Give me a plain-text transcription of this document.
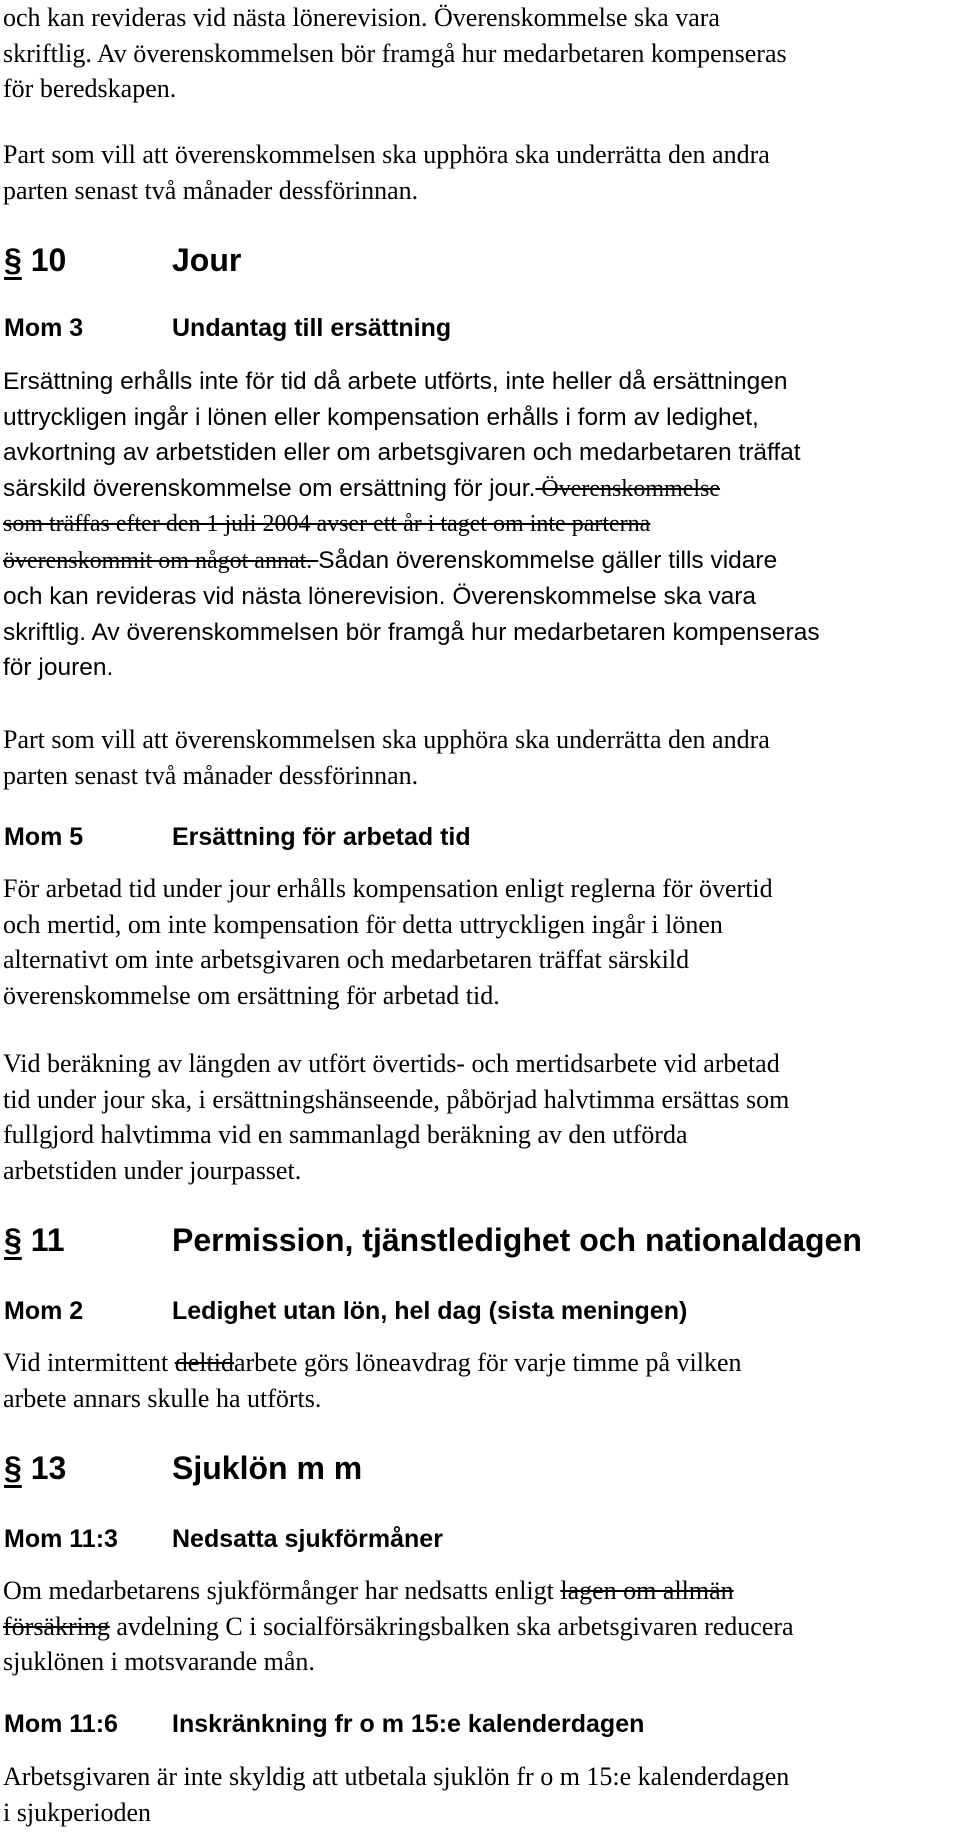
och kan revideras vid nästa lönerevision. Överenskommelse ska vara
skriftlig. Av överenskommelsen bör framgå hur medarbetaren kompenseras
för beredskapen.
Part som vill att överenskommelsen ska upphöra ska underrätta den andra
parten senast två månader dessförinnan.
§ 10	Jour
Mom 3	Undantag till ersättning
Ersättning erhålls inte för tid då arbete utförts, inte heller då ersättningen
uttryckligen ingår i lönen eller kompensation erhålls i form av ledighet,
avkortning av arbetstiden eller om arbetsgivaren och medarbetaren träffat
särskild överenskommelse om ersättning för jour. Överenskommelse
som träffas efter den 1 juli 2004 avser ett år i taget om inte parterna
överenskommit om något annat. Sådan överenskommelse gäller tills vidare
och kan revideras vid nästa lönerevision. Överenskommelse ska vara
skriftlig. Av överenskommelsen bör framgå hur medarbetaren kompenseras
för jouren.
Part som vill att överenskommelsen ska upphöra ska underrätta den andra
parten senast två månader dessförinnan.
Mom 5	Ersättning för arbetad tid
För arbetad tid under jour erhålls kompensation enligt reglerna för övertid
och mertid, om inte kompensation för detta uttryckligen ingår i lönen
alternativt om inte arbetsgivaren och medarbetaren träffat särskild
överenskommelse om ersättning för arbetad tid.
Vid beräkning av längden av utfört övertids- och mertidsarbete vid arbetad
tid under jour ska, i ersättningshänseende, påbörjad halvtimma ersättas som
fullgjord halvtimma vid en sammanlagd beräkning av den utförda
arbetstiden under jourpasset.
§ 11	Permission, tjänstledighet och nationaldagen
Mom 2	Ledighet utan lön, hel dag (sista meningen)
Vid intermittent deltidarbete görs löneavdrag för varje timme på vilken
arbete annars skulle ha utförts.
§ 13	Sjuklön m m
Mom 11:3 Nedsatta sjukförmåner
Om medarbetarens sjukförmånger har nedsatts enligt lagen om allmän
försäkring avdelning C i socialförsäkringsbalken ska arbetsgivaren reducera
sjuklönen i motsvarande mån.
Mom 11:6 Inskränkning fr o m 15:e kalenderdagen
Arbetsgivaren är inte skyldig att utbetala sjuklön fr o m 15:e kalenderdagen
i sjukperioden
